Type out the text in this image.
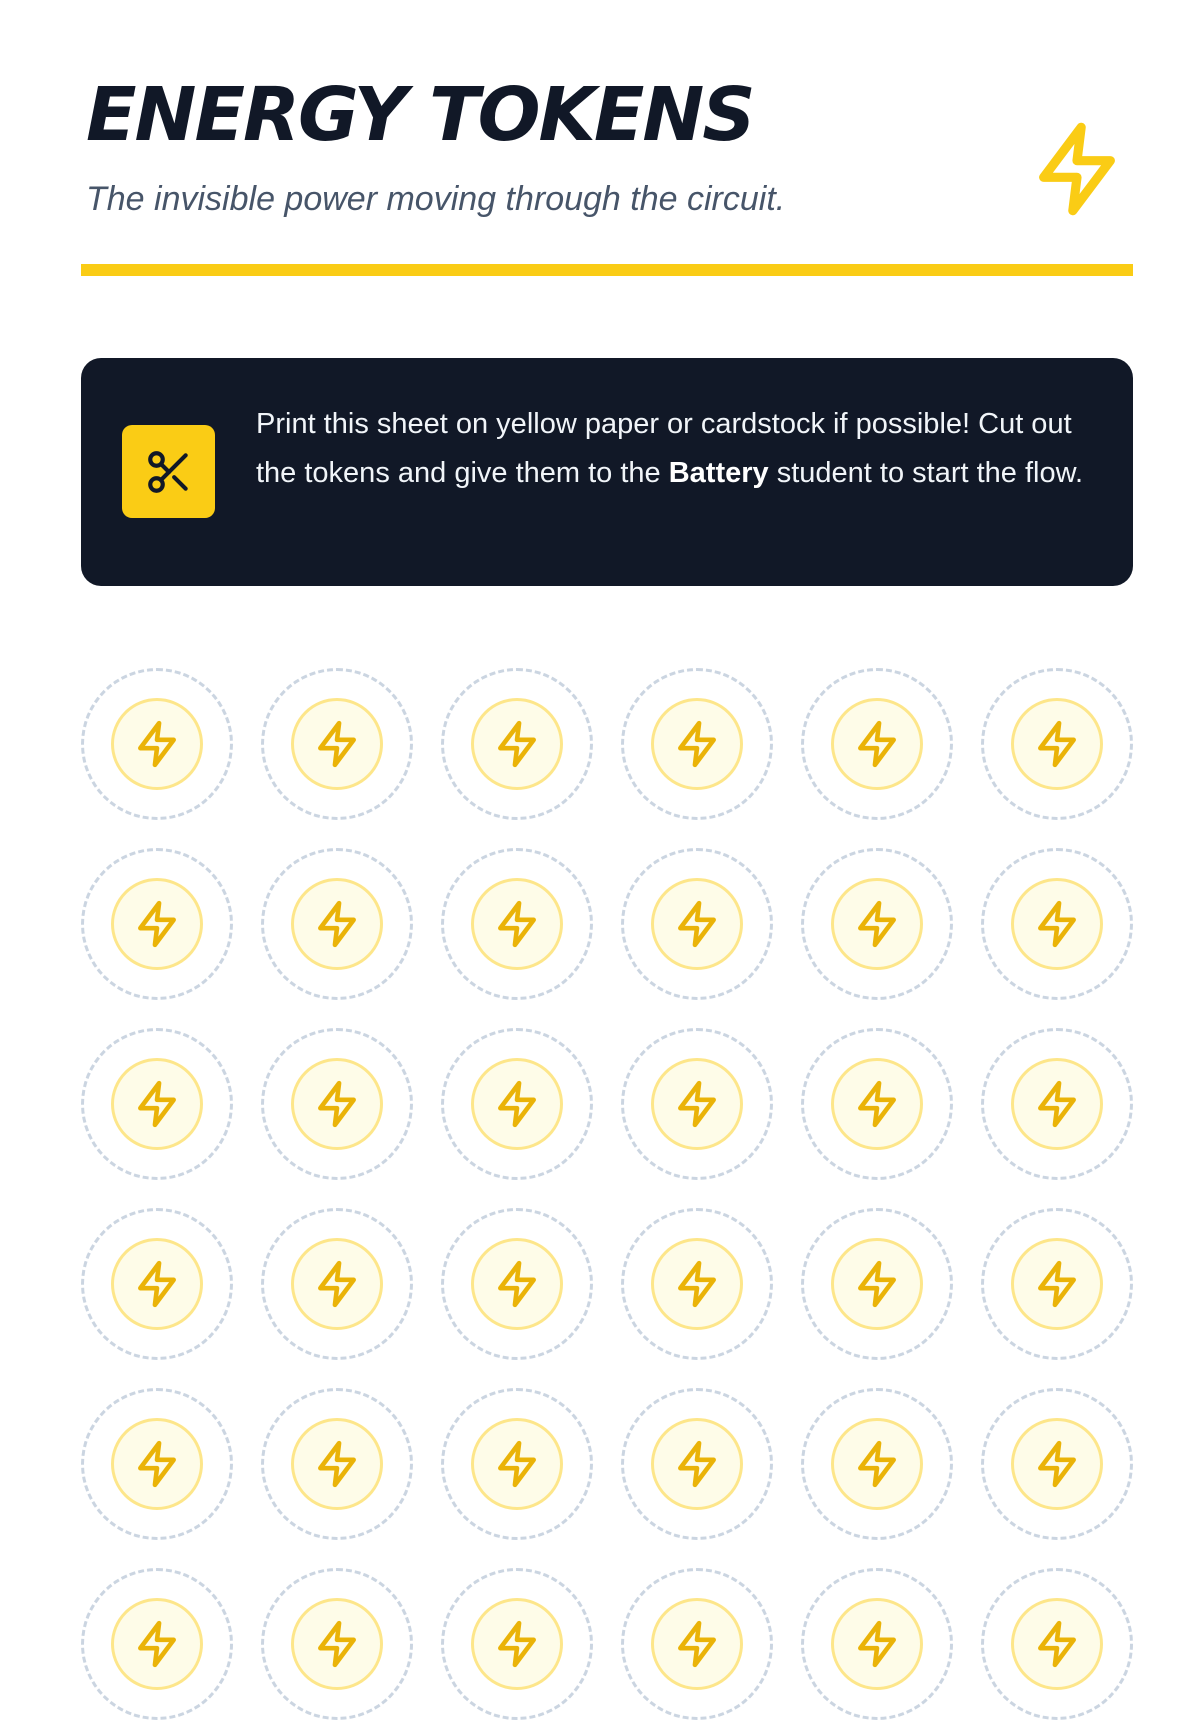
ENERGY TOKENS

The invisible power moving through the circuit.

Print this sheet on yellow paper or cardstock if possible! Cut out the tokens and give them to the Battery student to start the flow.
